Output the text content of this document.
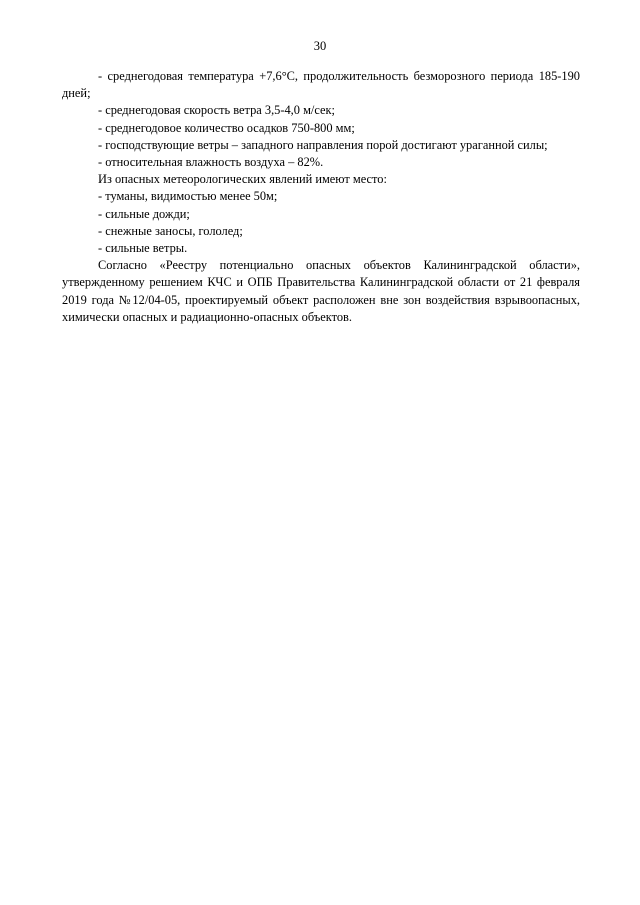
30

- среднегодовая температура +7,6°С, продолжительность безморозного периода 185-190 дней;

- среднегодовая скорость ветра 3,5-4,0 м/сек;

- среднегодовое количество осадков 750-800 мм;

- господствующие ветры – западного направления порой достигают ураганной силы;

- относительная влажность воздуха – 82%.

Из опасных метеорологических явлений имеют место:

- туманы, видимостью менее 50м;

- сильные дожди;

- снежные заносы, гололед;

- сильные ветры.

Согласно «Реестру потенциально опасных объектов Калининградской области», утвержденному решением КЧС и ОПБ Правительства Калининградской области от 21 февраля 2019 года №12/04-05, проектируемый объект расположен вне зон воздействия взрывоопасных, химически опасных и радиационно-опасных объектов.
